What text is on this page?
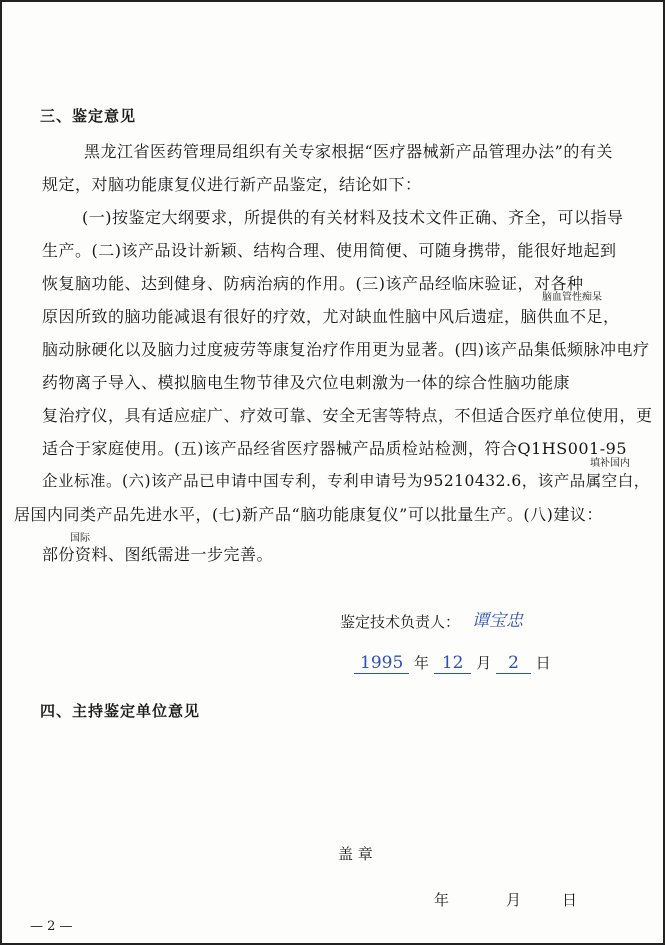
三、鉴定意见
黑龙江省医药管理局组织有关专家根据“医疗器械新产品管理办法”的有关
规定，对脑功能康复仪进行新产品鉴定，结论如下：
(一)按鉴定大纲要求，所提供的有关材料及技术文件正确、齐全，可以指导
生产。(二)该产品设计新颖、结构合理、使用简便、可随身携带，能很好地起到
恢复脑功能、达到健身、防病治病的作用。(三)该产品经临床验证，对各种
脑血管性痴呆
原因所致的脑功能减退有很好的疗效，尤对缺血性脑中风后遗症，脑供血不足，
脑动脉硬化以及脑力过度疲劳等康复治疗作用更为显著。(四)该产品集低频脉冲电疗
药物离子导入、模拟脑电生物节律及穴位电刺激为一体的综合性脑功能康
复治疗仪，具有适应症广、疗效可靠、安全无害等特点，不但适合医疗单位使用，更
适合于家庭使用。(五)该产品经省医疗器械产品质检站检测，符合Q1HS001-95
填补国内
企业标准。(六)该产品已申请中国专利，专利申请号为95210432.6，该产品属空白，
居国内同类产品先进水平，(七)新产品“脑功能康复仪”可以批量生产。(八)建议：
国际
部份资料、图纸需进一步完善。
鉴定技术负责人： 谭宝忠
1995 年 12 月 2 日
四、主持鉴定单位意见
盖 章
年	月	日
— 2 —
